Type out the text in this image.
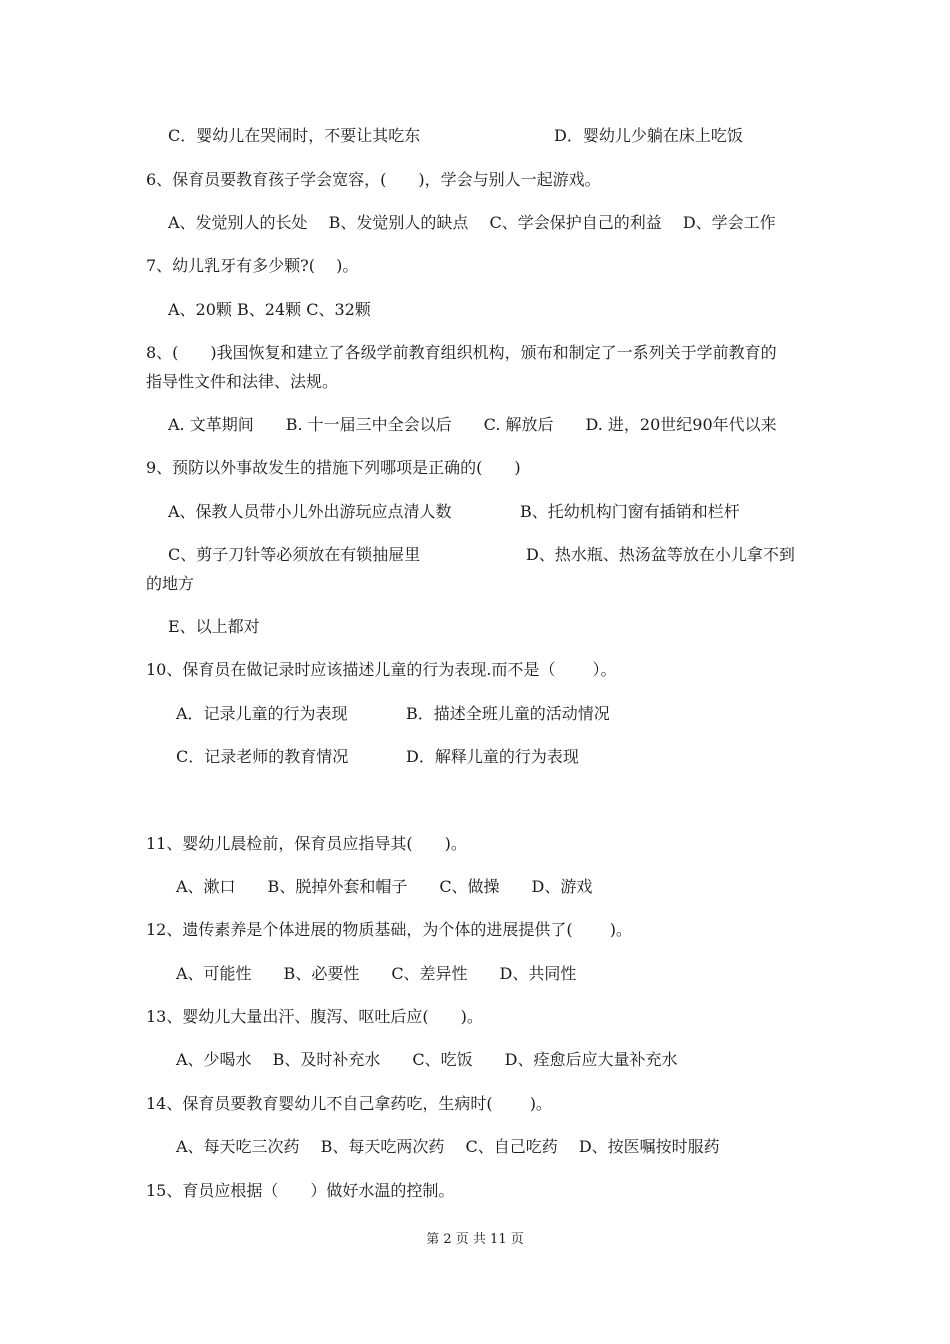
C．婴幼儿在哭闹时，不要让其吃东	D．婴幼儿少躺在床上吃饭
6、保育员要教育孩子学会宽容，(　　)，学会与别人一起游戏。
A、发觉别人的长处　 B、发觉别人的缺点　 C、学会保护自己的利益　 D、学会工作
7、幼儿乳牙有多少颗?(　 )。
A、20颗 B、24颗 C、32颗
8、(　　)我国恢复和建立了各级学前教育组织机构，颁布和制定了一系列关于学前教育的
指导性文件和法律、法规。
A. 文革期间　　B. 十一届三中全会以后　　C. 解放后　　D. 进，20世纪90年代以来
9、预防以外事故发生的措施下列哪项是正确的(　　)
A、保教人员带小儿外出游玩应点清人数	B、托幼机构门窗有插销和栏杆
C、剪子刀针等必须放在有锁抽屉里	D、热水瓶、热汤盆等放在小儿拿不到
的地方
E、以上都对
10、保育员在做记录时应该描述儿童的行为表现.而不是（　　 ）。
A．记录儿童的行为表现	B．描述全班儿童的活动情况
C．记录老师的教育情况	D．解释儿童的行为表现
11、婴幼儿晨检前，保育员应指导其(　　)。
A、漱口　　B、脱掉外套和帽子　　C、做操　　D、游戏
12、遗传素养是个体进展的物质基础，为个体的进展提供了(　　 )。
A、可能性　　B、必要性　　C、差异性　　D、共同性
13、婴幼儿大量出汗、腹泻、呕吐后应(　　)。
A、少喝水　 B、及时补充水　　C、吃饭　　D、痊愈后应大量补充水
14、保育员要教育婴幼儿不自己拿药吃，生病时(　　 )。
A、每天吃三次药　 B、每天吃两次药　 C、自己吃药　 D、按医嘱按时服药
15、育员应根据（　　）做好水温的控制。
第 2 页 共 11 页
